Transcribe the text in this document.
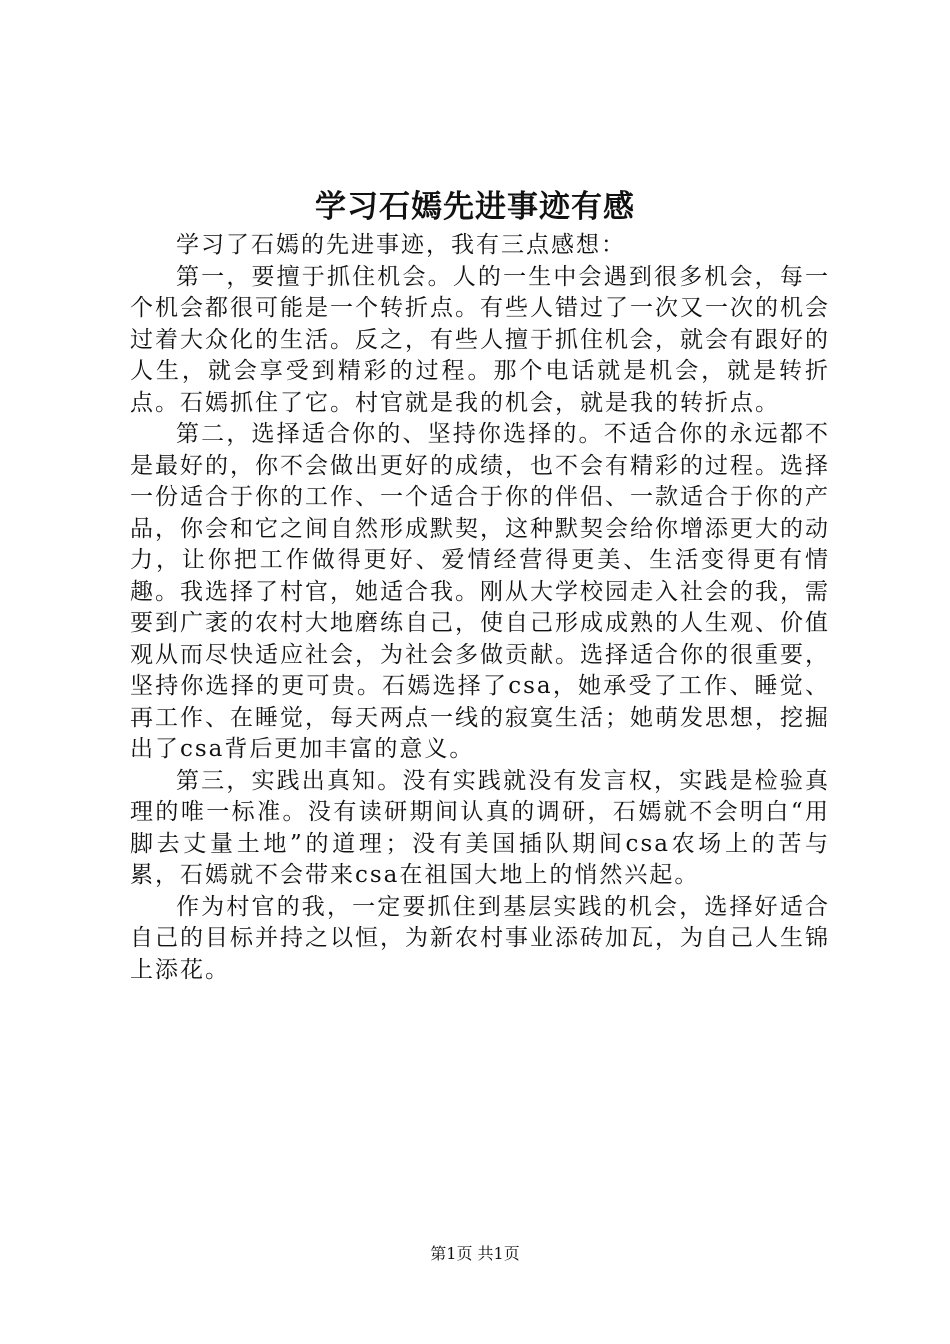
学习石嫣先进事迹有感

学习了石嫣的先进事迹，我有三点感想：

第一，要擅于抓住机会。人的一生中会遇到很多机会，每一个机会都很可能是一个转折点。有些人错过了一次又一次的机会过着大众化的生活。反之，有些人擅于抓住机会，就会有跟好的人生，就会享受到精彩的过程。那个电话就是机会，就是转折点。石嫣抓住了它。村官就是我的机会，就是我的转折点。

第二，选择适合你的、坚持你选择的。不适合你的永远都不是最好的，你不会做出更好的成绩，也不会有精彩的过程。选择一份适合于你的工作、一个适合于你的伴侣、一款适合于你的产品，你会和它之间自然形成默契，这种默契会给你增添更大的动力，让你把工作做得更好、爱情经营得更美、生活变得更有情趣。我选择了村官，她适合我。刚从大学校园走入社会的我，需要到广袤的农村大地磨练自己，使自己形成成熟的人生观、价值观从而尽快适应社会，为社会多做贡献。选择适合你的很重要，坚持你选择的更可贵。石嫣选择了csa，她承受了工作、睡觉、再工作、在睡觉，每天两点一线的寂寞生活；她萌发思想，挖掘出了csa背后更加丰富的意义。

第三，实践出真知。没有实践就没有发言权，实践是检验真理的唯一标准。没有读研期间认真的调研，石嫣就不会明白“用脚去丈量土地”的道理；没有美国插队期间csa农场上的苦与累，石嫣就不会带来csa在祖国大地上的悄然兴起。

作为村官的我，一定要抓住到基层实践的机会，选择好适合自己的目标并持之以恒，为新农村事业添砖加瓦，为自己人生锦上添花。

第1页 共1页
